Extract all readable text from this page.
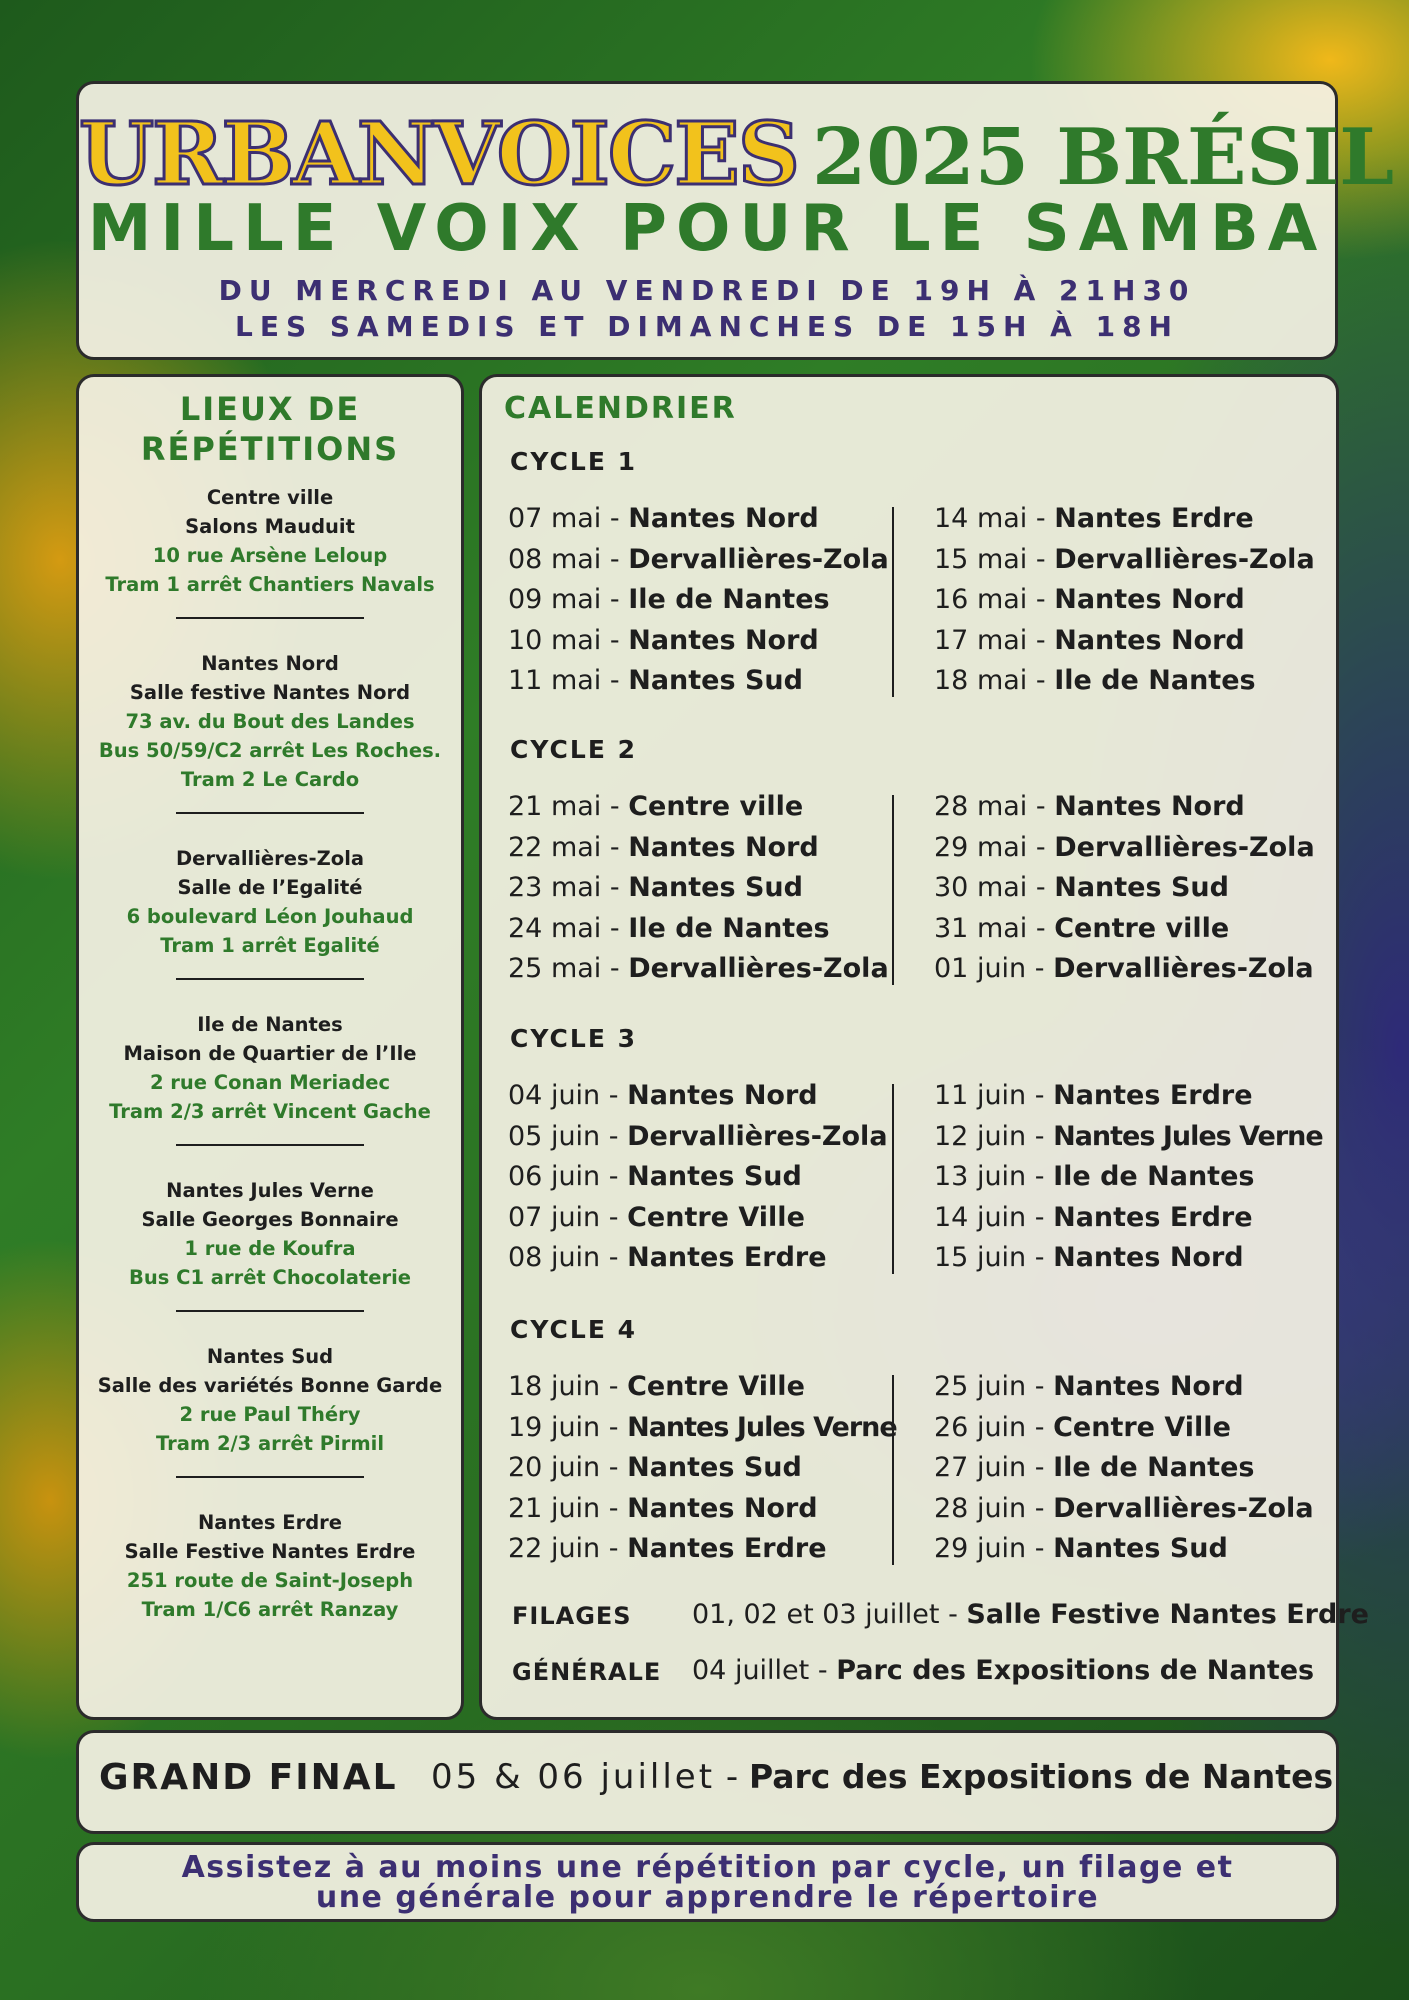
URBANVOICES 2025 BRÉSIL
MILLE VOIX POUR LE SAMBA
DU MERCREDI AU VENDREDI DE 19H À 21H30
LES SAMEDIS ET DIMANCHES DE 15H À 18H
LIEUX DE
RÉPÉTITIONS
Centre ville
Salons Mauduit
10 rue Arsène Leloup
Tram 1 arrêt Chantiers Navals
Nantes Nord
Salle festive Nantes Nord
73 av. du Bout des Landes
Bus 50/59/C2 arrêt Les Roches.
Tram 2 Le Cardo
Dervallières-Zola
Salle de l’Egalité
6 boulevard Léon Jouhaud
Tram 1 arrêt Egalité
Ile de Nantes
Maison de Quartier de l’Ile
2 rue Conan Meriadec
Tram 2/3 arrêt Vincent Gache
Nantes Jules Verne
Salle Georges Bonnaire
1 rue de Koufra
Bus C1 arrêt Chocolaterie
Nantes Sud
Salle des variétés Bonne Garde
2 rue Paul Théry
Tram 2/3 arrêt Pirmil
Nantes Erdre
Salle Festive Nantes Erdre
251 route de Saint-Joseph
Tram 1/C6 arrêt Ranzay
CALENDRIER
CYCLE 1
07 mai - Nantes Nord
08 mai - Dervallières-Zola
09 mai - Ile de Nantes
10 mai - Nantes Nord
11 mai - Nantes Sud
14 mai - Nantes Erdre
15 mai - Dervallières-Zola
16 mai - Nantes Nord
17 mai - Nantes Nord
18 mai - Ile de Nantes
CYCLE 2
21 mai - Centre ville
22 mai - Nantes Nord
23 mai - Nantes Sud
24 mai - Ile de Nantes
25 mai - Dervallières-Zola
28 mai - Nantes Nord
29 mai - Dervallières-Zola
30 mai - Nantes Sud
31 mai - Centre ville
01 juin - Dervallières-Zola
CYCLE 3
04 juin - Nantes Nord
05 juin - Dervallières-Zola
06 juin - Nantes Sud
07 juin - Centre Ville
08 juin - Nantes Erdre
11 juin - Nantes Erdre
12 juin - Nantes Jules Verne
13 juin - Ile de Nantes
14 juin - Nantes Erdre
15 juin - Nantes Nord
CYCLE 4
18 juin - Centre Ville
19 juin - Nantes Jules Verne
20 juin - Nantes Sud
21 juin - Nantes Nord
22 juin - Nantes Erdre
25 juin - Nantes Nord
26 juin - Centre Ville
27 juin - Ile de Nantes
28 juin - Dervallières-Zola
29 juin - Nantes Sud
FILAGES 01, 02 et 03 juillet - Salle Festive Nantes Erdre
GÉNÉRALE 04 juillet - Parc des Expositions de Nantes
GRAND FINAL 05 & 06 juillet - Parc des Expositions de Nantes
Assistez à au moins une répétition par cycle, un filage et
une générale pour apprendre le répertoire
